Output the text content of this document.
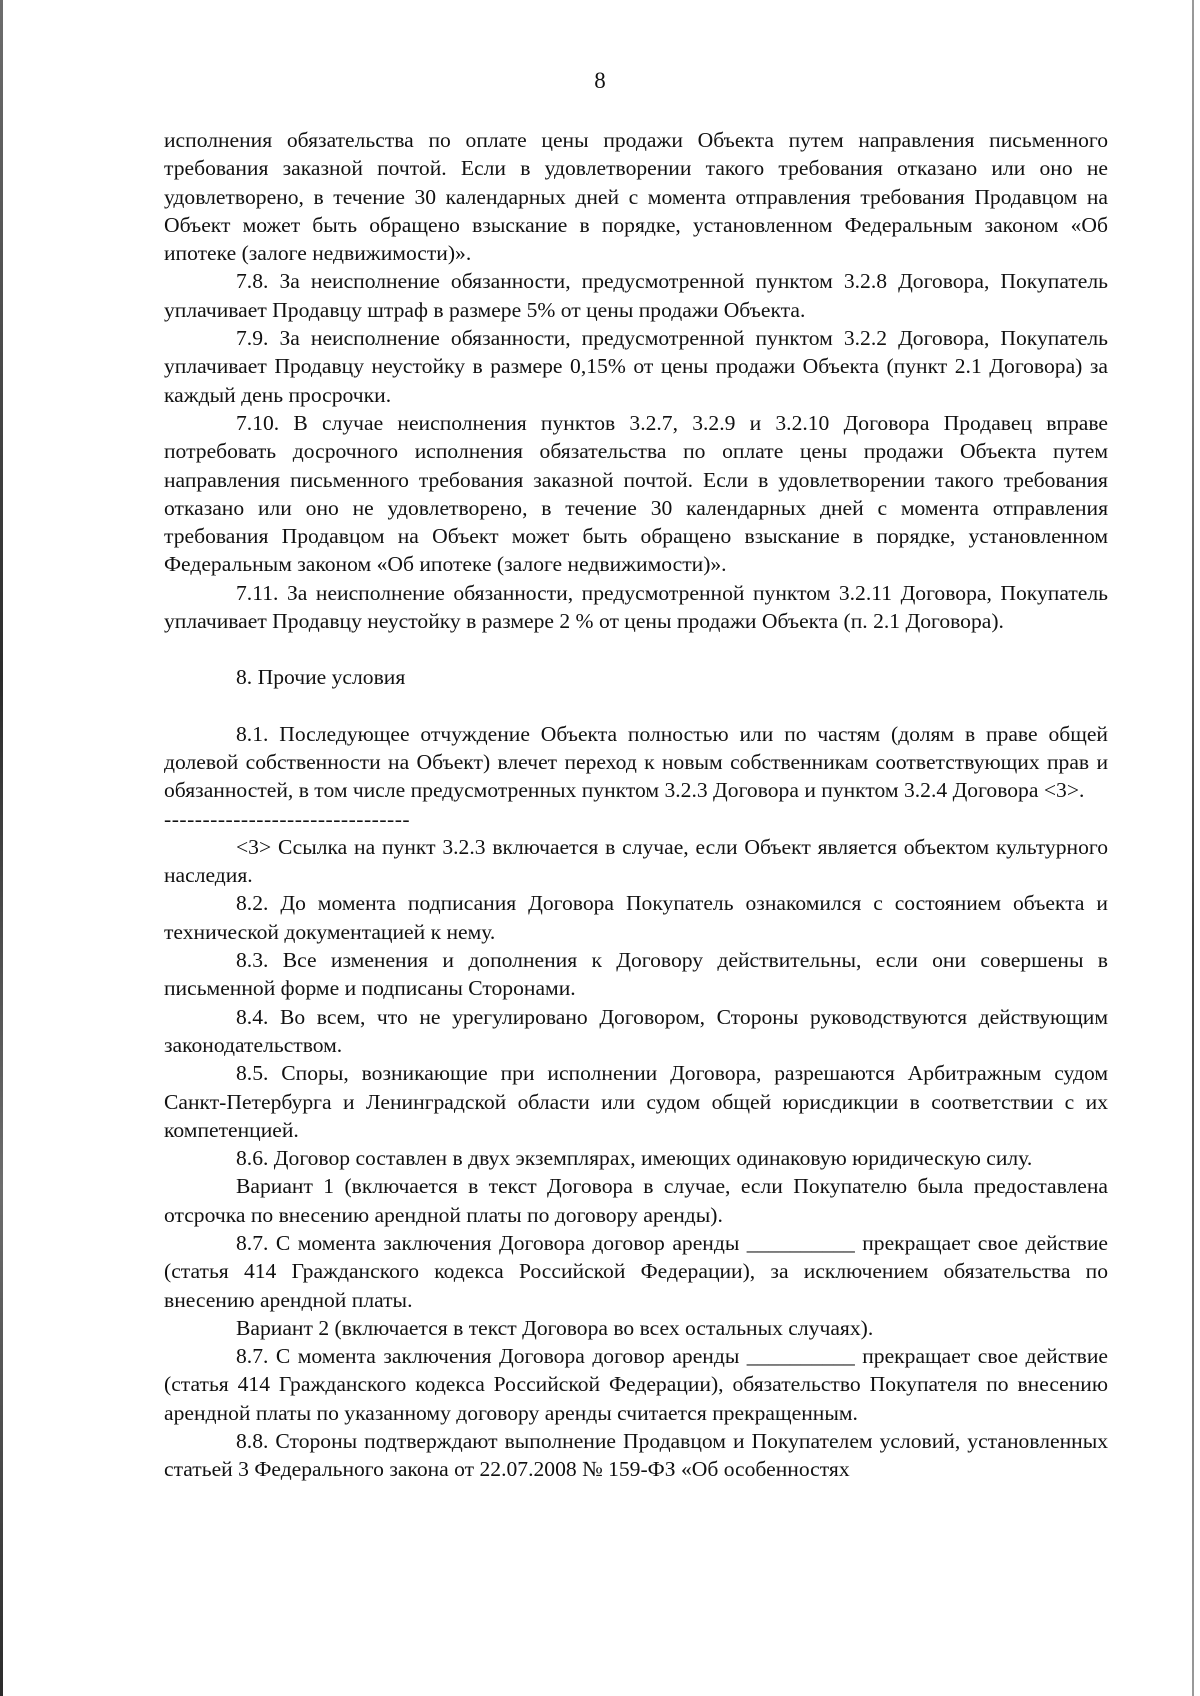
8

исполнения обязательства по оплате цены продажи Объекта путем направления письменного требования заказной почтой. Если в удовлетворении такого требования отказано или оно не удовлетворено, в течение 30 календарных дней с момента отправления требования Продавцом на Объект может быть обращено взыскание в порядке, установленном Федеральным законом «Об ипотеке (залоге недвижимости)».

7.8. За неисполнение обязанности, предусмотренной пунктом 3.2.8 Договора, Покупатель уплачивает Продавцу штраф в размере 5% от цены продажи Объекта.

7.9. За неисполнение обязанности, предусмотренной пунктом 3.2.2 Договора, Покупатель уплачивает Продавцу неустойку в размере 0,15% от цены продажи Объекта (пункт 2.1 Договора) за каждый день просрочки.

7.10. В случае неисполнения пунктов 3.2.7, 3.2.9 и 3.2.10 Договора Продавец вправе потребовать досрочного исполнения обязательства по оплате цены продажи Объекта путем направления письменного требования заказной почтой. Если в удовлетворении такого требования отказано или оно не удовлетворено, в течение 30 календарных дней с момента отправления требования Продавцом на Объект может быть обращено взыскание в порядке, установленном Федеральным законом «Об ипотеке (залоге недвижимости)».

7.11. За неисполнение обязанности, предусмотренной пунктом 3.2.11 Договора, Покупатель уплачивает Продавцу неустойку в размере 2 % от цены продажи Объекта (п. 2.1 Договора).

8. Прочие условия

8.1. Последующее отчуждение Объекта полностью или по частям (долям в праве общей долевой собственности на Объект) влечет переход к новым собственникам соответствующих прав и обязанностей, в том числе предусмотренных пунктом 3.2.3 Договора и пунктом 3.2.4 Договора <3>.

--------------------------------

<3> Ссылка на пункт 3.2.3 включается в случае, если Объект является объектом культурного наследия.

8.2. До момента подписания Договора Покупатель ознакомился с состоянием объекта и технической документацией к нему.

8.3. Все изменения и дополнения к Договору действительны, если они совершены в письменной форме и подписаны Сторонами.

8.4. Во всем, что не урегулировано Договором, Стороны руководствуются действующим законодательством.

8.5. Споры, возникающие при исполнении Договора, разрешаются Арбитражным судом Санкт-Петербурга и Ленинградской области или судом общей юрисдикции в соответствии с их компетенцией.

8.6. Договор составлен в двух экземплярах, имеющих одинаковую юридическую силу.

Вариант 1 (включается в текст Договора в случае, если Покупателю была предоставлена отсрочка по внесению арендной платы по договору аренды).

8.7. С момента заключения Договора договор аренды __________ прекращает свое действие (статья 414 Гражданского кодекса Российской Федерации), за исключением обязательства по внесению арендной платы.

Вариант 2 (включается в текст Договора во всех остальных случаях).

8.7. С момента заключения Договора договор аренды __________ прекращает свое действие (статья 414 Гражданского кодекса Российской Федерации), обязательство Покупателя по внесению арендной платы по указанному договору аренды считается прекращенным.

8.8. Стороны подтверждают выполнение Продавцом и Покупателем условий, установленных статьей 3 Федерального закона от 22.07.2008 № 159-ФЗ «Об особенностях
